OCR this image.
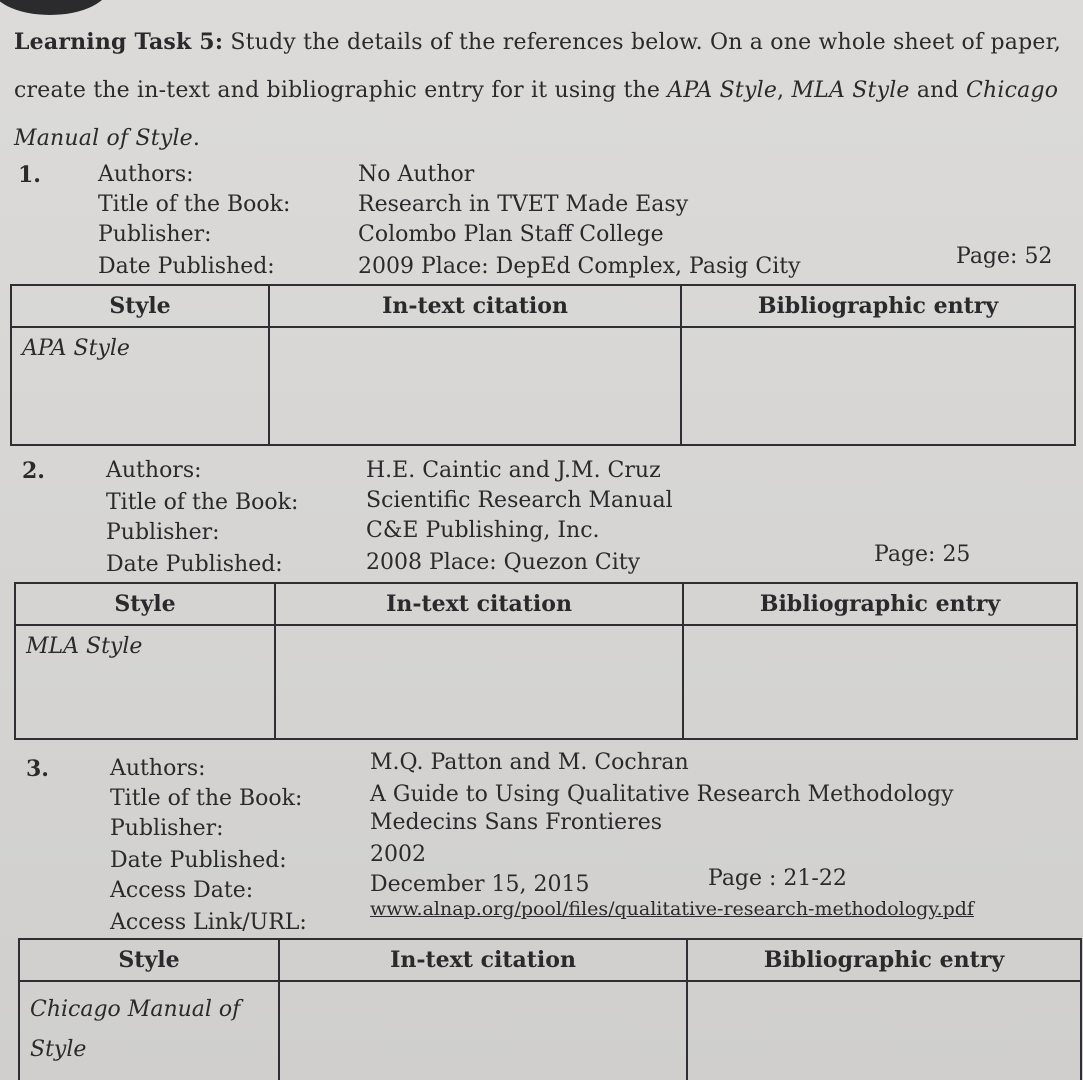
Learning Task 5: Study the details of the references below. On a one whole sheet of paper, create the in-text and bibliographic entry for it using the APA Style, MLA Style and Chicago Manual of Style.
1.	Authors:	No Author
Title of the Book:	Research in TVET Made Easy
Publisher:	Colombo Plan Staff College
Date Published:	2009 Place: DepEd Complex, Pasig City	Page: 52
Style	In-text citation	Bibliographic entry
APA Style		
2.	Authors:	H.E. Caintic and J.M. Cruz
Title of the Book:	Scientific Research Manual
Publisher:	C&E Publishing, Inc.
Date Published:	2008 Place: Quezon City	Page: 25
Style	In-text citation	Bibliographic entry
MLA Style		
3.	Authors:	M.Q. Patton and M. Cochran
Title of the Book:	A Guide to Using Qualitative Research Methodology
Publisher:	Medecins Sans Frontieres
Date Published:	2002
Access Date:	December 15, 2015	Page : 21-22
Access Link/URL:
www.alnap.org/pool/files/qualitative-research-methodology.pdf
Style	In-text citation	Bibliographic entry
Chicago Manual of Style		
